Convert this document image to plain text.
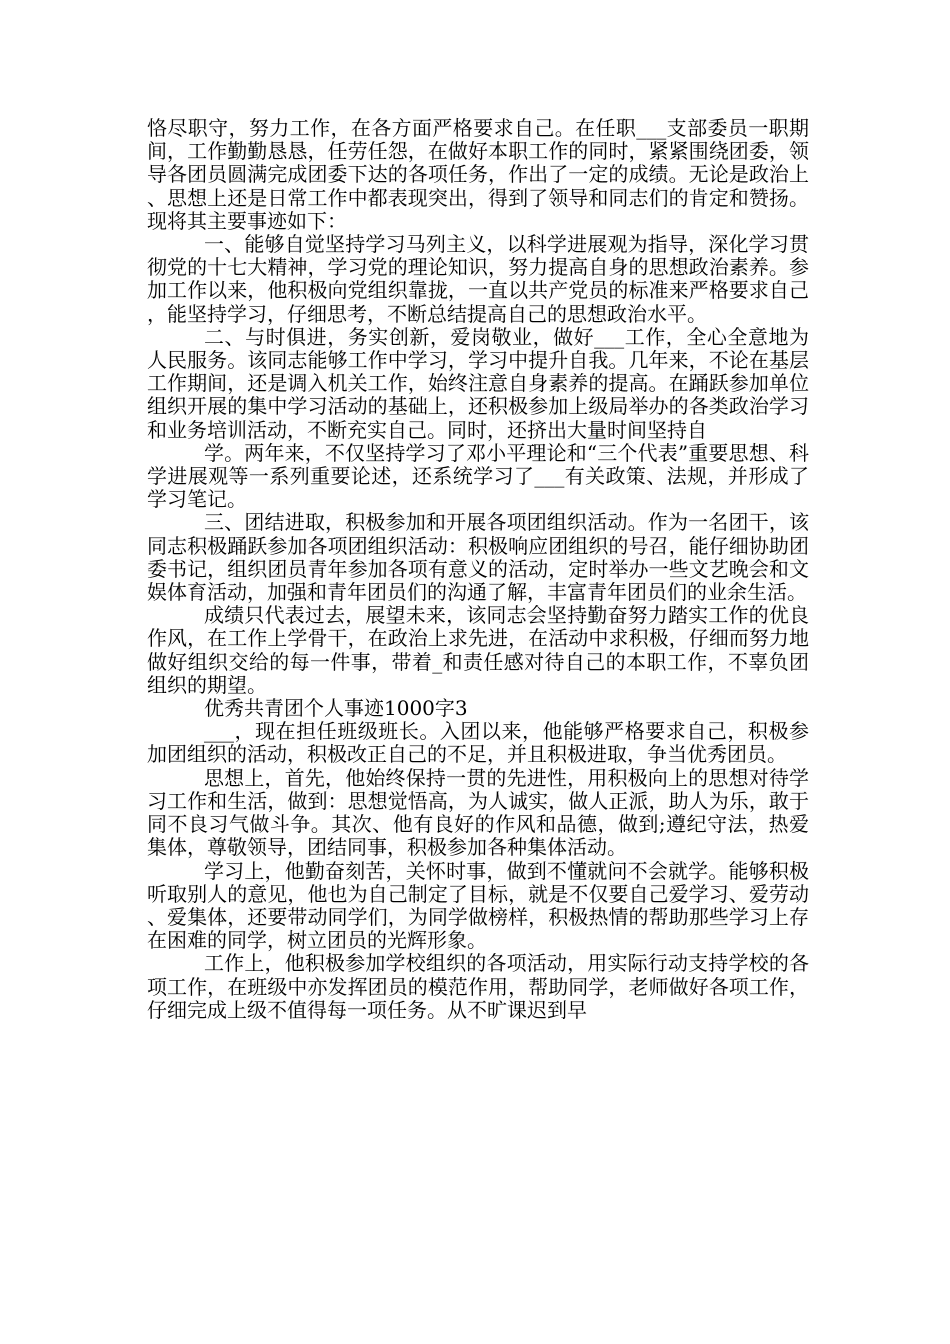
恪尽职守，努力工作，在各方面严格要求自己。在任职___支部委员一职期间，工作勤勤恳恳，任劳任怨，在做好本职工作的同时，紧紧围绕团委，领导各团员圆满完成团委下达的各项任务，作出了一定的成绩。无论是政治上、思想上还是日常工作中都表现突出，得到了领导和同志们的肯定和赞扬。现将其主要事迹如下：

一、能够自觉坚持学习马列主义，以科学进展观为指导，深化学习贯彻党的十七大精神，学习党的理论知识，努力提高自身的思想政治素养。参加工作以来，他积极向党组织靠拢，一直以共产党员的标准来严格要求自己，能坚持学习，仔细思考，不断总结提高自己的思想政治水平。

二、与时俱进，务实创新，爱岗敬业，做好___工作，全心全意地为人民服务。该同志能够工作中学习，学习中提升自我。几年来，不论在基层工作期间，还是调入机关工作，始终注意自身素养的提高。在踊跃参加单位组织开展的集中学习活动的基础上，还积极参加上级局举办的各类政治学习和业务培训活动，不断充实自己。同时，还挤出大量时间坚持自

学。两年来，不仅坚持学习了邓小平理论和“三个代表”重要思想、科学进展观等一系列重要论述，还系统学习了___有关政策、法规，并形成了学习笔记。

三、团结进取，积极参加和开展各项团组织活动。作为一名团干，该同志积极踊跃参加各项团组织活动：积极响应团组织的号召，能仔细协助团委书记，组织团员青年参加各项有意义的活动，定时举办一些文艺晚会和文娱体育活动，加强和青年团员们的沟通了解，丰富青年团员们的业余生活。

成绩只代表过去，展望未来，该同志会坚持勤奋努力踏实工作的优良作风，在工作上学骨干，在政治上求先进，在活动中求积极，仔细而努力地做好组织交给的每一件事，带着_和责任感对待自己的本职工作，不辜负团组织的期望。

优秀共青团个人事迹1000字3

___，现在担任班级班长。入团以来，他能够严格要求自己，积极参加团组织的活动，积极改正自己的不足，并且积极进取，争当优秀团员。

思想上，首先，他始终保持一贯的先进性，用积极向上的思想对待学习工作和生活，做到：思想觉悟高，为人诚实，做人正派，助人为乐，敢于同不良习气做斗争。其次、他有良好的作风和品德，做到;遵纪守法，热爱集体，尊敬领导，团结同事，积极参加各种集体活动。

学习上，他勤奋刻苦，关怀时事，做到不懂就问不会就学。能够积极听取别人的意见，他也为自己制定了目标，就是不仅要自己爱学习、爱劳动、爱集体，还要带动同学们，为同学做榜样，积极热情的帮助那些学习上存在困难的同学，树立团员的光辉形象。

工作上，他积极参加学校组织的各项活动，用实际行动支持学校的各项工作，在班级中亦发挥团员的模范作用，帮助同学，老师做好各项工作，仔细完成上级不值得每一项任务。从不旷课迟到早
